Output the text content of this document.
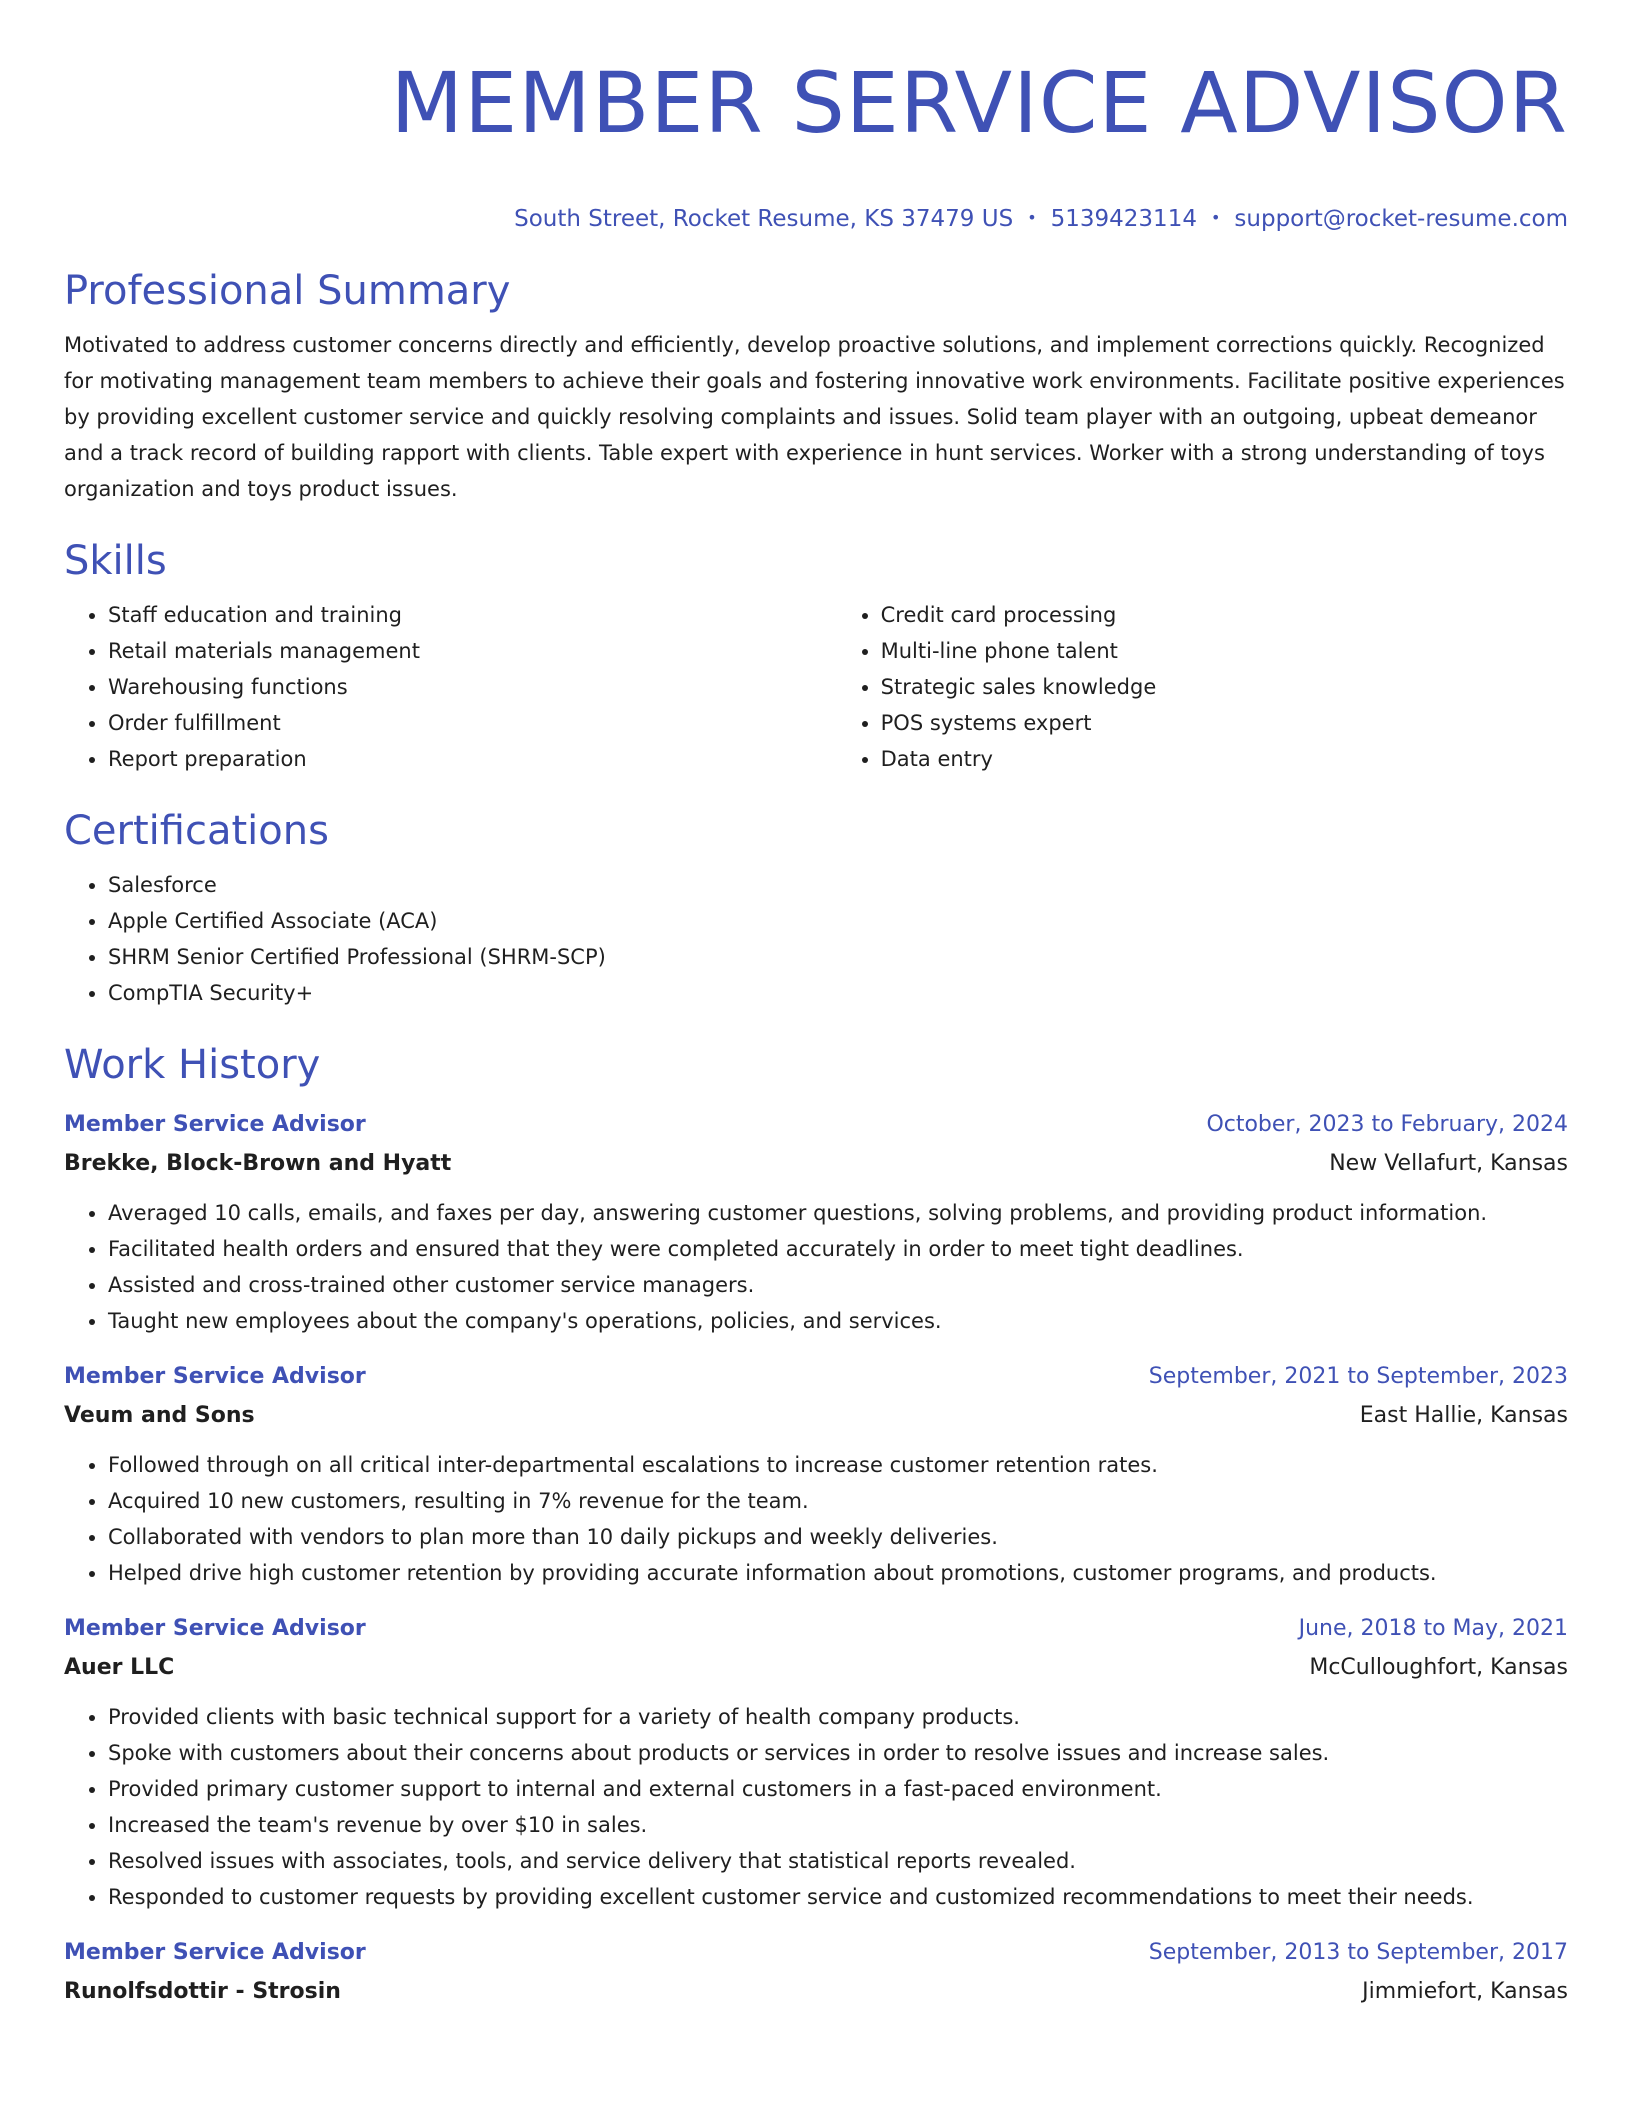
MEMBER SERVICE ADVISOR
South Street, Rocket Resume, KS 37479 US • 5139423114 • support@rocket-resume.com
Professional Summary
Motivated to address customer concerns directly and efficiently, develop proactive solutions, and implement corrections quickly. Recognized for motivating management team members to achieve their goals and fostering innovative work environments. Facilitate positive experiences by providing excellent customer service and quickly resolving complaints and issues. Solid team player with an outgoing, upbeat demeanor and a track record of building rapport with clients. Table expert with experience in hunt services. Worker with a strong understanding of toys organization and toys product issues.
Skills
• Staff education and training
• Retail materials management
• Warehousing functions
• Order fulfillment
• Report preparation
• Credit card processing
• Multi-line phone talent
• Strategic sales knowledge
• POS systems expert
• Data entry
Certifications
• Salesforce
• Apple Certified Associate (ACA)
• SHRM Senior Certified Professional (SHRM-SCP)
• CompTIA Security+
Work History
Member Service Advisor	October, 2023 to February, 2024
Brekke, Block-Brown and Hyatt	New Vellafurt, Kansas
• Averaged 10 calls, emails, and faxes per day, answering customer questions, solving problems, and providing product information.
• Facilitated health orders and ensured that they were completed accurately in order to meet tight deadlines.
• Assisted and cross-trained other customer service managers.
• Taught new employees about the company's operations, policies, and services.
Member Service Advisor	September, 2021 to September, 2023
Veum and Sons	East Hallie, Kansas
• Followed through on all critical inter-departmental escalations to increase customer retention rates.
• Acquired 10 new customers, resulting in 7% revenue for the team.
• Collaborated with vendors to plan more than 10 daily pickups and weekly deliveries.
• Helped drive high customer retention by providing accurate information about promotions, customer programs, and products.
Member Service Advisor	June, 2018 to May, 2021
Auer LLC	McCulloughfort, Kansas
• Provided clients with basic technical support for a variety of health company products.
• Spoke with customers about their concerns about products or services in order to resolve issues and increase sales.
• Provided primary customer support to internal and external customers in a fast-paced environment.
• Increased the team's revenue by over $10 in sales.
• Resolved issues with associates, tools, and service delivery that statistical reports revealed.
• Responded to customer requests by providing excellent customer service and customized recommendations to meet their needs.
Member Service Advisor	September, 2013 to September, 2017
Runolfsdottir - Strosin	Jimmiefort, Kansas
